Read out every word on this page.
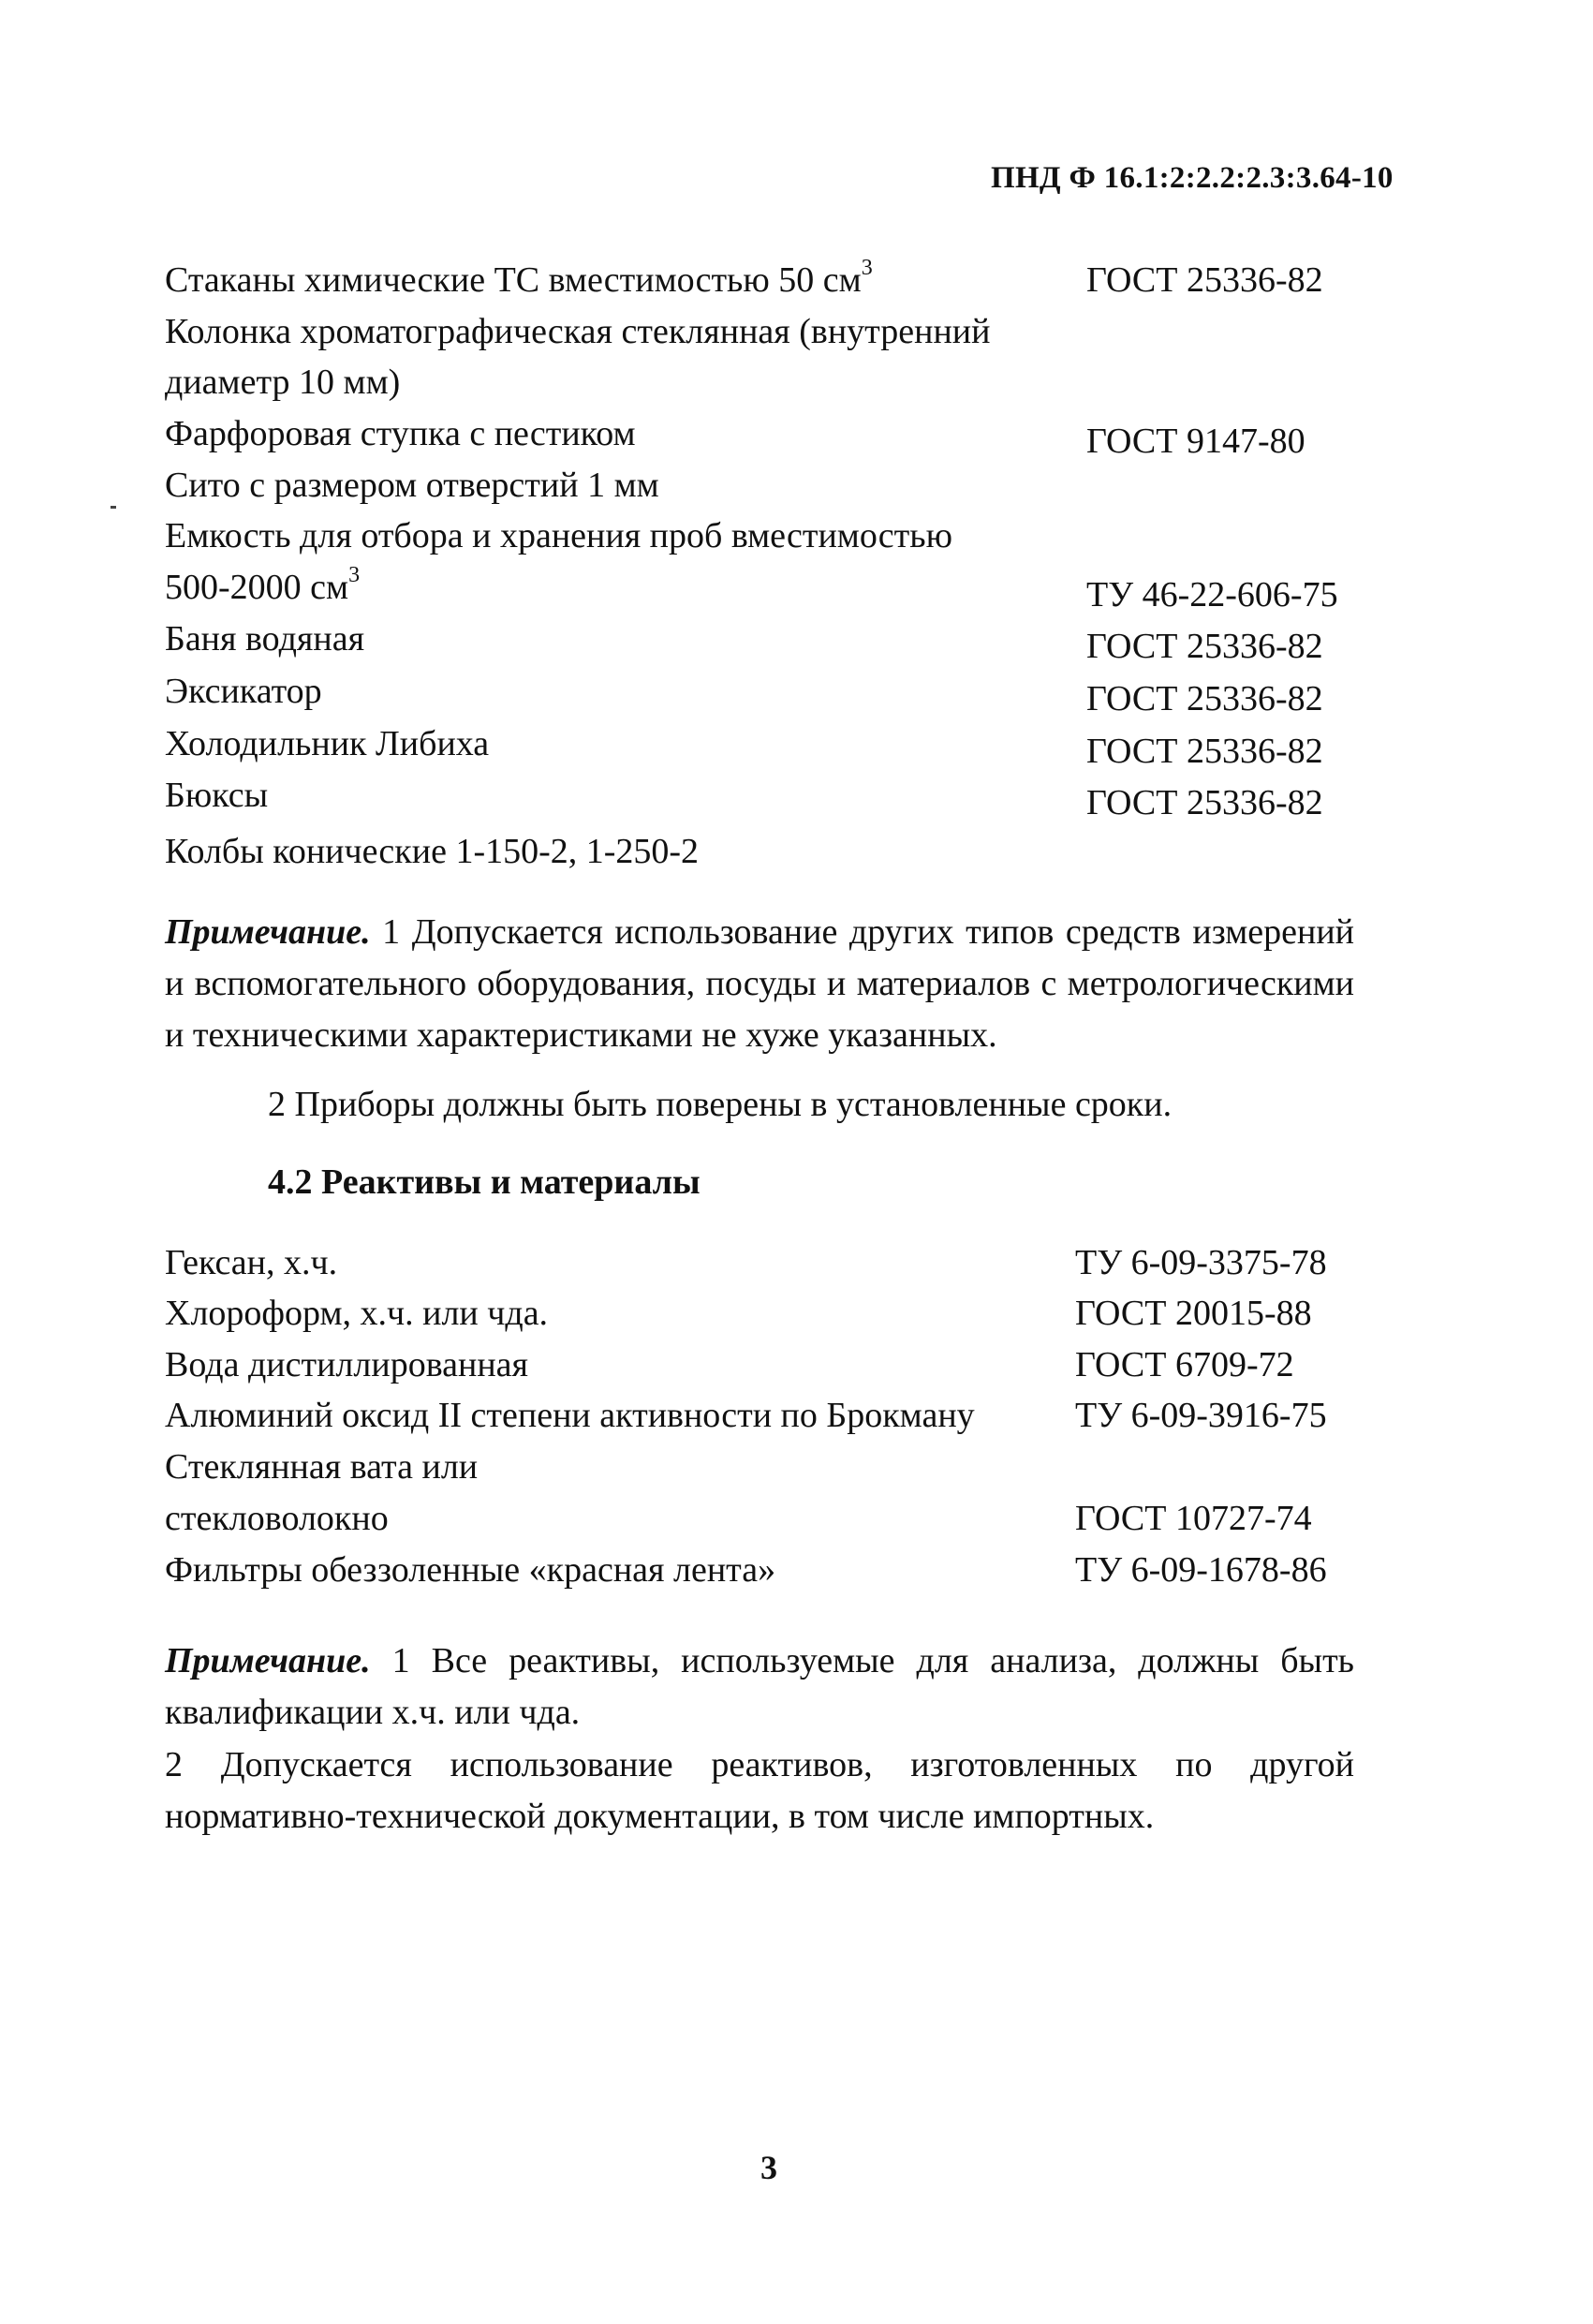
ПНД Ф 16.1:2:2.2:2.3:3.64-10
Стаканы химические ТС вместимостью 50 $см^3$	ГОСТ 25336-82
Колонка хроматографическая стеклянная (внутренний
диаметр 10 мм)
Фарфоровая ступка с пестиком	ГОСТ 9147-80
Сито с размером отверстий 1 мм
Емкость для отбора и хранения проб вместимостью
500-2000 $см^3$	ТУ 46-22-606-75
Баня водяная	ГОСТ 25336-82
Эксикатор	ГОСТ 25336-82
Холодильник Либиха	ГОСТ 25336-82
Бюксы	ГОСТ 25336-82
Колбы конические 1-150-2, 1-250-2
Примечание. 1 Допускается использование других типов средств измерений и вспомогательного оборудования, посуды и материалов с метрологическими и техническими характеристиками не хуже указанных.
2 Приборы должны быть поверены в установленные сроки.
4.2 Реактивы и материалы
Гексан, х.ч.	ТУ 6-09-3375-78
Хлороформ, х.ч. или чда.	ГОСТ 20015-88
Вода дистиллированная	ГОСТ 6709-72
Алюминий оксид II степени активности по Брокману	ТУ 6-09-3916-75
Стеклянная вата или
стекловолокно	ГОСТ 10727-74
Фильтры обеззоленные «красная лента»	ТУ 6-09-1678-86
Примечание. 1 Все реактивы, используемые для анализа, должны быть квалификации х.ч. или чда.
2 Допускается использование реактивов, изготовленных по другой нормативно-технической документации, в том числе импортных.
3
